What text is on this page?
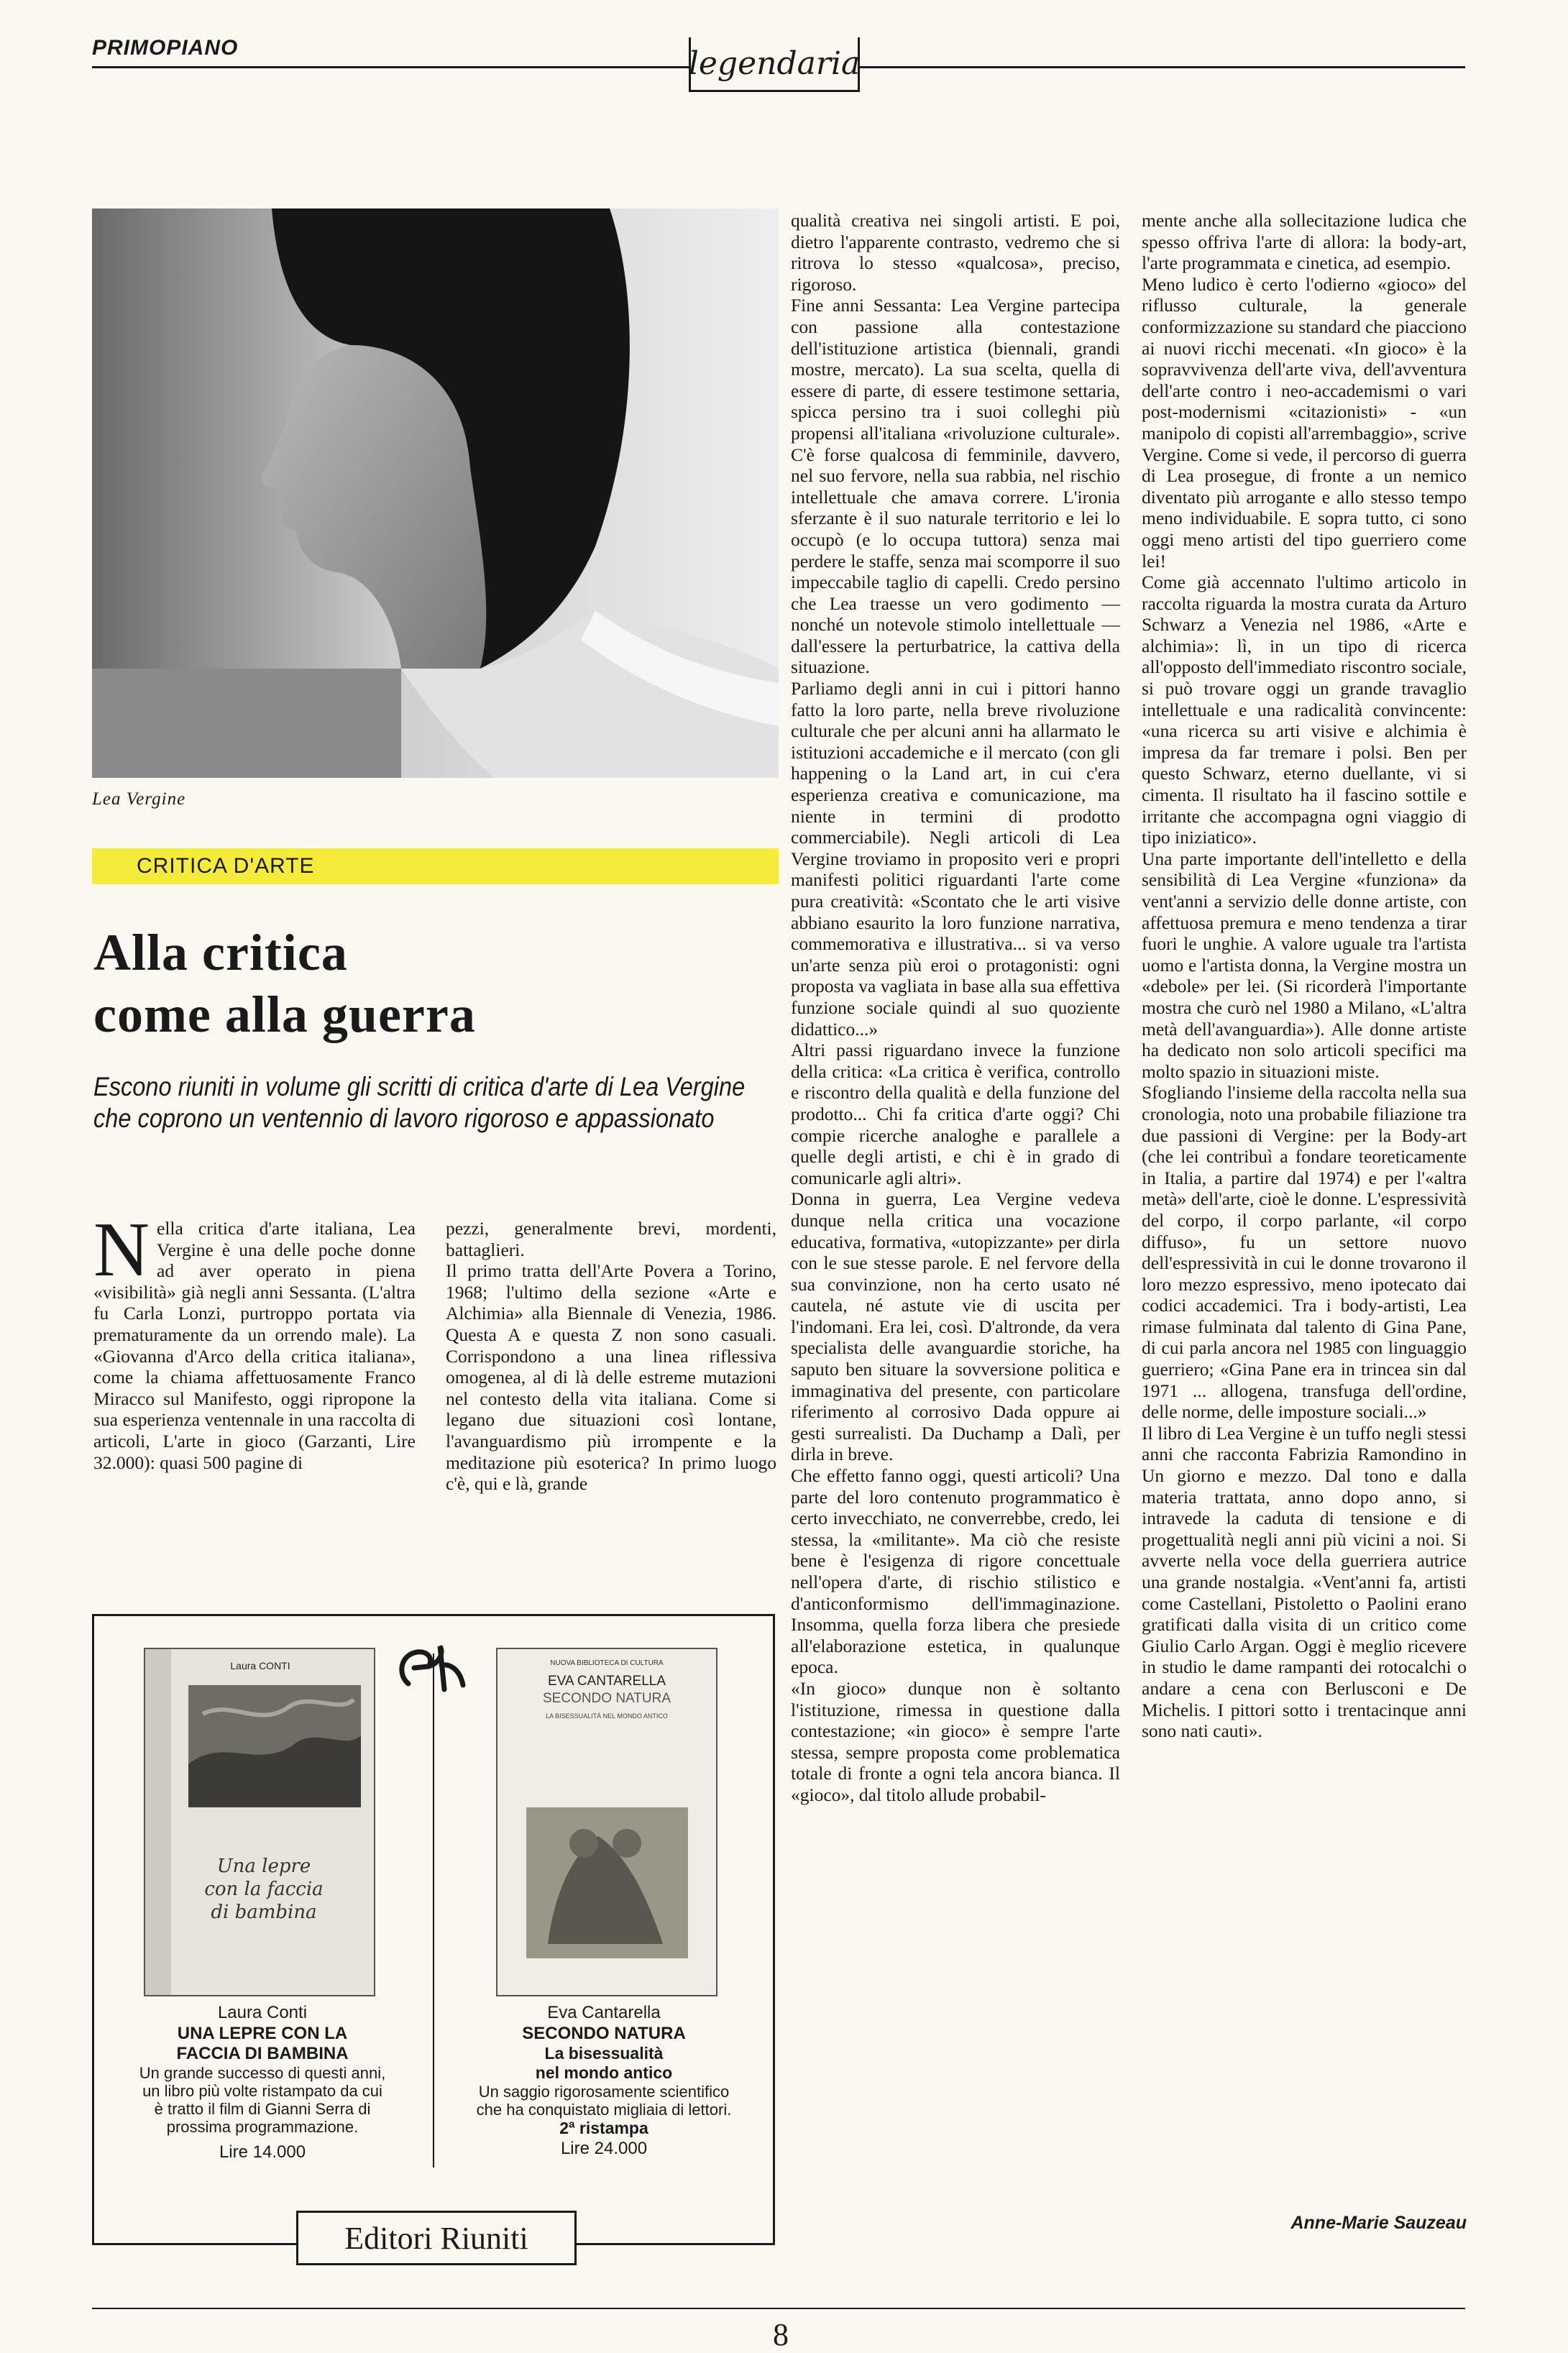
PRIMOPIANO	legendaria
Lea Vergine
CRITICA D'ARTE
Alla critica
come alla guerra
Escono riuniti in volume gli scritti di critica d'arte di Lea Vergine che coprono un ventennio di lavoro rigoroso e appassionato
N ella critica d'arte italiana, Lea Vergine è una delle poche donne ad aver operato in piena «visibilità» già negli anni Sessanta. (L'altra fu Carla Lonzi, purtroppo portata via prematuramente da un orrendo male). La «Giovanna d'Arco della critica italiana», come la chiama affettuosamente Franco Miracco sul Manifesto, oggi ripropone la sua esperienza ventennale in una raccolta di articoli, L'arte in gioco (Garzanti, Lire 32.000): quasi 500 pagine di

pezzi, generalmente brevi, mordenti, battaglieri.

Il primo tratta dell'Arte Povera a Torino, 1968; l'ultimo della sezione «Arte e Alchimia» alla Biennale di Venezia, 1986. Questa A e questa Z non sono casuali. Corrispondono a una linea riflessiva omogenea, al di là delle estreme mutazioni nel contesto della vita italiana. Come si legano due situazioni così lontane, l'avanguardismo più irrompente e la meditazione più esoterica? In primo luogo c'è, qui e là, grande

qualità creativa nei singoli artisti. E poi, dietro l'apparente contrasto, vedremo che si ritrova lo stesso «qualcosa», preciso, rigoroso.

Fine anni Sessanta: Lea Vergine partecipa con passione alla contestazione dell'istituzione artistica (biennali, grandi mostre, mercato). La sua scelta, quella di essere di parte, di essere testimone settaria, spicca persino tra i suoi colleghi più propensi all'italiana «rivoluzione culturale». C'è forse qualcosa di femminile, davvero, nel suo fervore, nella sua rabbia, nel rischio intellettuale che amava correre. L'ironia sferzante è il suo naturale territorio e lei lo occupò (e lo occupa tuttora) senza mai perdere le staffe, senza mai scomporre il suo impeccabile taglio di capelli. Credo persino che Lea traesse un vero godimento — nonché un notevole stimolo intellettuale — dall'essere la perturbatrice, la cattiva della situazione.

Parliamo degli anni in cui i pittori hanno fatto la loro parte, nella breve rivoluzione culturale che per alcuni anni ha allarmato le istituzioni accademiche e il mercato (con gli happening o la Land art, in cui c'era esperienza creativa e comunicazione, ma niente in termini di prodotto commerciabile). Negli articoli di Lea Vergine troviamo in proposito veri e propri manifesti politici riguardanti l'arte come pura creatività: «Scontato che le arti visive abbiano esaurito la loro funzione narrativa, commemorativa e illustrativa... si va verso un'arte senza più eroi o protagonisti: ogni proposta va vagliata in base alla sua effettiva funzione sociale quindi al suo quoziente didattico...»

Altri passi riguardano invece la funzione della critica: «La critica è verifica, controllo e riscontro della qualità e della funzione del prodotto... Chi fa critica d'arte oggi? Chi compie ricerche analoghe e parallele a quelle degli artisti, e chi è in grado di comunicarle agli altri».

Donna in guerra, Lea Vergine vedeva dunque nella critica una vocazione educativa, formativa, «utopizzante» per dirla con le sue stesse parole. E nel fervore della sua convinzione, non ha certo usato né cautela, né astute vie di uscita per l'indomani. Era lei, così. D'altronde, da vera specialista delle avanguardie storiche, ha saputo ben situare la sovversione politica e immaginativa del presente, con particolare riferimento al corrosivo Dada oppure ai gesti surrealisti. Da Duchamp a Dalì, per dirla in breve.

Che effetto fanno oggi, questi articoli? Una parte del loro contenuto programmatico è certo invecchiato, ne converrebbe, credo, lei stessa, la «militante». Ma ciò che resiste bene è l'esigenza di rigore concettuale nell'opera d'arte, di rischio stilistico e d'anticonformismo dell'immaginazione. Insomma, quella forza libera che presiede all'elaborazione estetica, in qualunque epoca.

«In gioco» dunque non è soltanto l'istituzione, rimessa in questione dalla contestazione; «in gioco» è sempre l'arte stessa, sempre proposta come problematica totale di fronte a ogni tela ancora bianca. Il «gioco», dal titolo allude probabil-

mente anche alla sollecitazione ludica che spesso offriva l'arte di allora: la body-art, l'arte programmata e cinetica, ad esempio.

Meno ludico è certo l'odierno «gioco» del riflusso culturale, la generale conformizzazione su standard che piacciono ai nuovi ricchi mecenati. «In gioco» è la sopravvivenza dell'arte viva, dell'avventura dell'arte contro i neo-accademismi o vari post-modernismi «citazionisti» - «un manipolo di copisti all'arrembaggio», scrive Vergine. Come si vede, il percorso di guerra di Lea prosegue, di fronte a un nemico diventato più arrogante e allo stesso tempo meno individuabile. E sopra tutto, ci sono oggi meno artisti del tipo guerriero come lei!

Come già accennato l'ultimo articolo in raccolta riguarda la mostra curata da Arturo Schwarz a Venezia nel 1986, «Arte e alchimia»: lì, in un tipo di ricerca all'opposto dell'immediato riscontro sociale, si può trovare oggi un grande travaglio intellettuale e una radicalità convincente: «una ricerca su arti visive e alchimia è impresa da far tremare i polsi. Ben per questo Schwarz, eterno duellante, vi si cimenta. Il risultato ha il fascino sottile e irritante che accompagna ogni viaggio di tipo iniziatico».

Una parte importante dell'intelletto e della sensibilità di Lea Vergine «funziona» da vent'anni a servizio delle donne artiste, con affettuosa premura e meno tendenza a tirar fuori le unghie. A valore uguale tra l'artista uomo e l'artista donna, la Vergine mostra un «debole» per lei. (Si ricorderà l'importante mostra che curò nel 1980 a Milano, «L'altra metà dell'avanguardia»). Alle donne artiste ha dedicato non solo articoli specifici ma molto spazio in situazioni miste.

Sfogliando l'insieme della raccolta nella sua cronologia, noto una probabile filiazione tra due passioni di Vergine: per la Body-art (che lei contribuì a fondare teoreticamente in Italia, a partire dal 1974) e per l'«altra metà» dell'arte, cioè le donne. L'espressività del corpo, il corpo parlante, «il corpo diffuso», fu un settore nuovo dell'espressività in cui le donne trovarono il loro mezzo espressivo, meno ipotecato dai codici accademici. Tra i body-artisti, Lea rimase fulminata dal talento di Gina Pane, di cui parla ancora nel 1985 con linguaggio guerriero; «Gina Pane era in trincea sin dal 1971 ... allogena, transfuga dell'ordine, delle norme, delle imposture sociali...»

Il libro di Lea Vergine è un tuffo negli stessi anni che racconta Fabrizia Ramondino in Un giorno e mezzo. Dal tono e dalla materia trattata, anno dopo anno, si intravede la caduta di tensione e di progettualità negli anni più vicini a noi. Si avverte nella voce della guerriera autrice una grande nostalgia. «Vent'anni fa, artisti come Castellani, Pistoletto o Paolini erano gratificati dalla visita di un critico come Giulio Carlo Argan. Oggi è meglio ricevere in studio le dame rampanti dei rotocalchi o andare a cena con Berlusconi e De Michelis. I pittori sotto i trentacinque anni sono nati cauti».

Anne-Marie Sauzeau
Laura CONTI
Una lepre con la faccia di bambina
NUOVA BIBLIOTECA DI CULTURA
EVA CANTARELLA
SECONDO NATURA
LA BISESSUALITÀ NEL MONDO ANTICO
Laura Conti
UNA LEPRE CON LA
FACCIA DI BAMBINA
Un grande successo di questi anni, un libro più volte ristampato da cui è tratto il film di Gianni Serra di prossima programmazione.
Lire 14.000
Eva Cantarella
SECONDO NATURA
La bisessualità
nel mondo antico
Un saggio rigorosamente scientifico che ha conquistato migliaia di lettori.
2ª ristampa
Lire 24.000
Editori Riuniti
8
